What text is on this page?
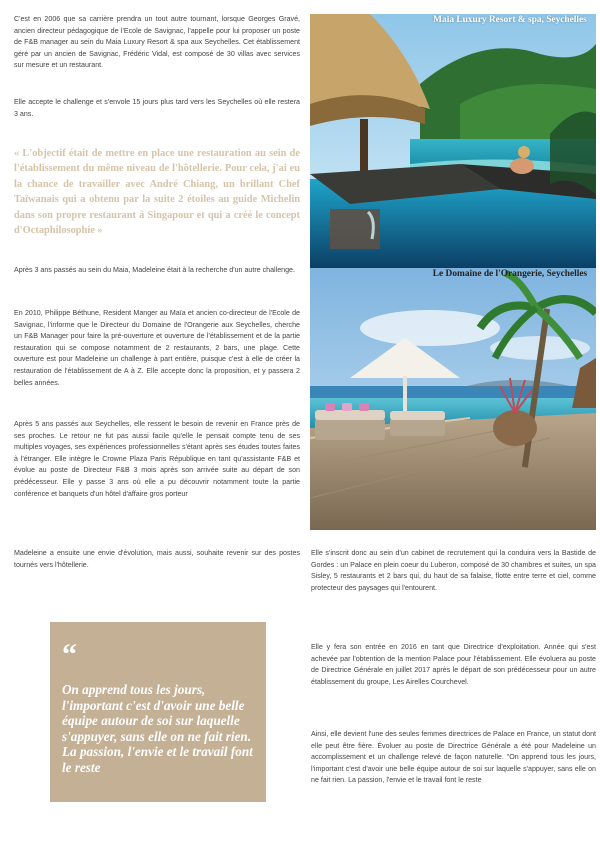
C'est en 2006 que sa carrière prendra un tout autre tournant, lorsque Georges Gravé, ancien directeur pédagogique de l'Ecole de Savignac, l'appelle pour lui proposer un poste de F&B manager au sein du Maia Luxury Resort & spa aux Seychelles. Cet établissement géré par un ancien de Savignac, Frédéric Vidal, est composé de 30 villas avec services sur mesure et un restaurant.

Elle accepte le challenge et s'envole 15 jours plus tard vers les Seychelles où elle restera 3 ans.

« L'objectif était de mettre en place une restauration au sein de l'établissement du même niveau de l'hôtellerie. Pour cela, j'ai eu la chance de travailler avec André Chiang, un brillant Chef Taïwanais qui a obtenu par la suite 2 étoiles au guide Michelin dans son propre restaurant à Singapour et qui a créé le concept d'Octaphilosophie »

Après 3 ans passés au sein du Maia, Madeleine était à la recherche d'un autre challenge.

En 2010, Philippe Béthune, Resident Manger au Maïa et ancien co-directeur de l'Ecole de Savignac, l'informe que le Directeur du Domaine de l'Orangerie aux Seychelles, cherche un F&B Manager pour faire la pré-ouverture et ouverture de l'établissement et de la partie restauration qui se compose notamment de 2 restaurants, 2 bars, une plage. Cette ouverture est pour Madeleine un challenge à part entière, puisque c'est à elle de créer la restauration de l'établissement de A à Z. Elle accepte donc la proposition, et y passera 2 belles années.

Après 5 ans passés aux Seychelles, elle ressent le besoin de revenir en France près de ses proches. Le retour ne fut pas aussi facile qu'elle le pensait compte tenu de ses multiples voyages, ses expériences professionnelles s'étant après ses études toutes faites à l'étranger. Elle intègre le Crowne Plaza Paris République en tant qu'assistante F&B et évolue au poste de Directeur F&B 3 mois après son arrivée suite au départ de son prédécesseur. Elle y passe 3 ans où elle a pu découvrir notamment toute la partie conférence et banquets d'un hôtel d'affaire gros porteur

Madeleine a ensuite une envie d'évolution, mais aussi, souhaite revenir sur des postes tournés vers l'hôtellerie.

“

On apprend tous les jours, l'important c'est d'avoir une belle équipe autour de soi sur laquelle s'appuyer, sans elle on ne fait rien. La passion, l'envie et le travail font le reste

Maia Luxury Resort & spa, Seychelles
Le Domaine de l'Orangerie, Seychelles

Elle s'inscrit donc au sein d'un cabinet de recrutement qui la conduira vers la Bastide de Gordes : un Palace en plein coeur du Luberon, composé de 30 chambres et suites, un spa Sisley, 5 restaurants et 2 bars qui, du haut de sa falaise, flotte entre terre et ciel, comme protecteur des paysages qui l'entourent.

Elle y fera son entrée en 2016 en tant que Directrice d'exploitation. Année qui s'est achevée par l'obtention de la mention Palace pour l'établissement. Elle évoluera au poste de Directrice Générale en juillet 2017 après le départ de son prédécesseur pour un autre établissement du groupe, Les Airelles Courchevel.

Ainsi, elle devient l'une des seules femmes directrices de Palace en France, un statut dont elle peut être fière. Évoluer au poste de Directrice Générale a été pour Madeleine un accomplissement et un challenge relevé de façon naturelle. "On apprend tous les jours, l'important c'est d'avoir une belle équipe autour de soi sur laquelle s'appuyer, sans elle on ne fait rien. La passion, l'envie et le travail font le reste
